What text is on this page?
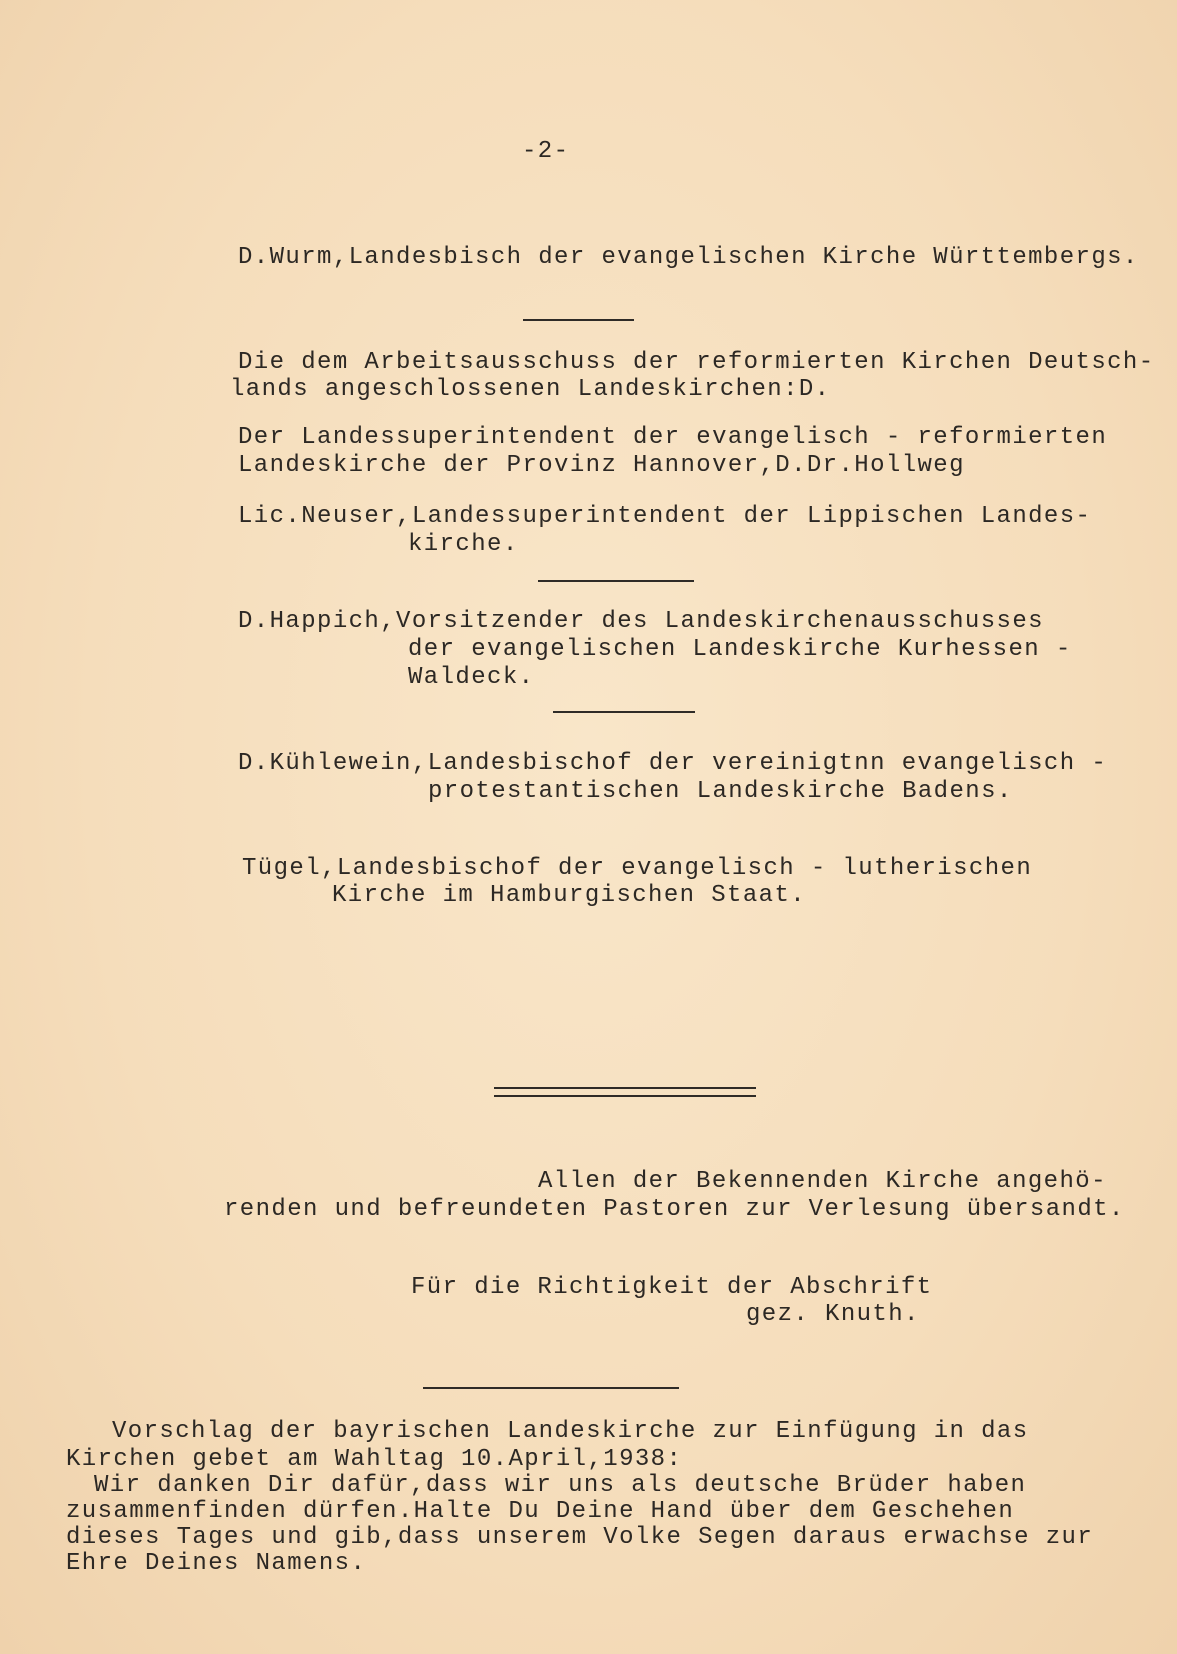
-2-
D.Wurm,Landesbisch der evangelischen Kirche Württembergs.
Die dem Arbeitsausschuss der reformierten Kirchen Deutsch-
lands angeschlossenen Landeskirchen:D.
Der Landessuperintendent der evangelisch - reformierten
Landeskirche der Provinz Hannover,D.Dr.Hollweg
Lic.Neuser,Landessuperintendent der Lippischen Landes-
kirche.
D.Happich,Vorsitzender des Landeskirchenausschusses
der evangelischen Landeskirche Kurhessen -
Waldeck.
D.Kühlewein,Landesbischof der vereinigtnn evangelisch -
protestantischen Landeskirche Badens.
Tügel,Landesbischof der evangelisch - lutherischen
Kirche im Hamburgischen Staat.
Allen der Bekennenden Kirche angehö-
renden und befreundeten Pastoren zur Verlesung übersandt.
Für die Richtigkeit der Abschrift
gez. Knuth.
Vorschlag der bayrischen Landeskirche zur Einfügung in das
Kirchen gebet am Wahltag 10.April,1938:
Wir danken Dir dafür,dass wir uns als deutsche Brüder haben
zusammenfinden dürfen.Halte Du Deine Hand über dem Geschehen
dieses Tages und gib,dass unserem Volke Segen daraus erwachse zur
Ehre Deines Namens.
